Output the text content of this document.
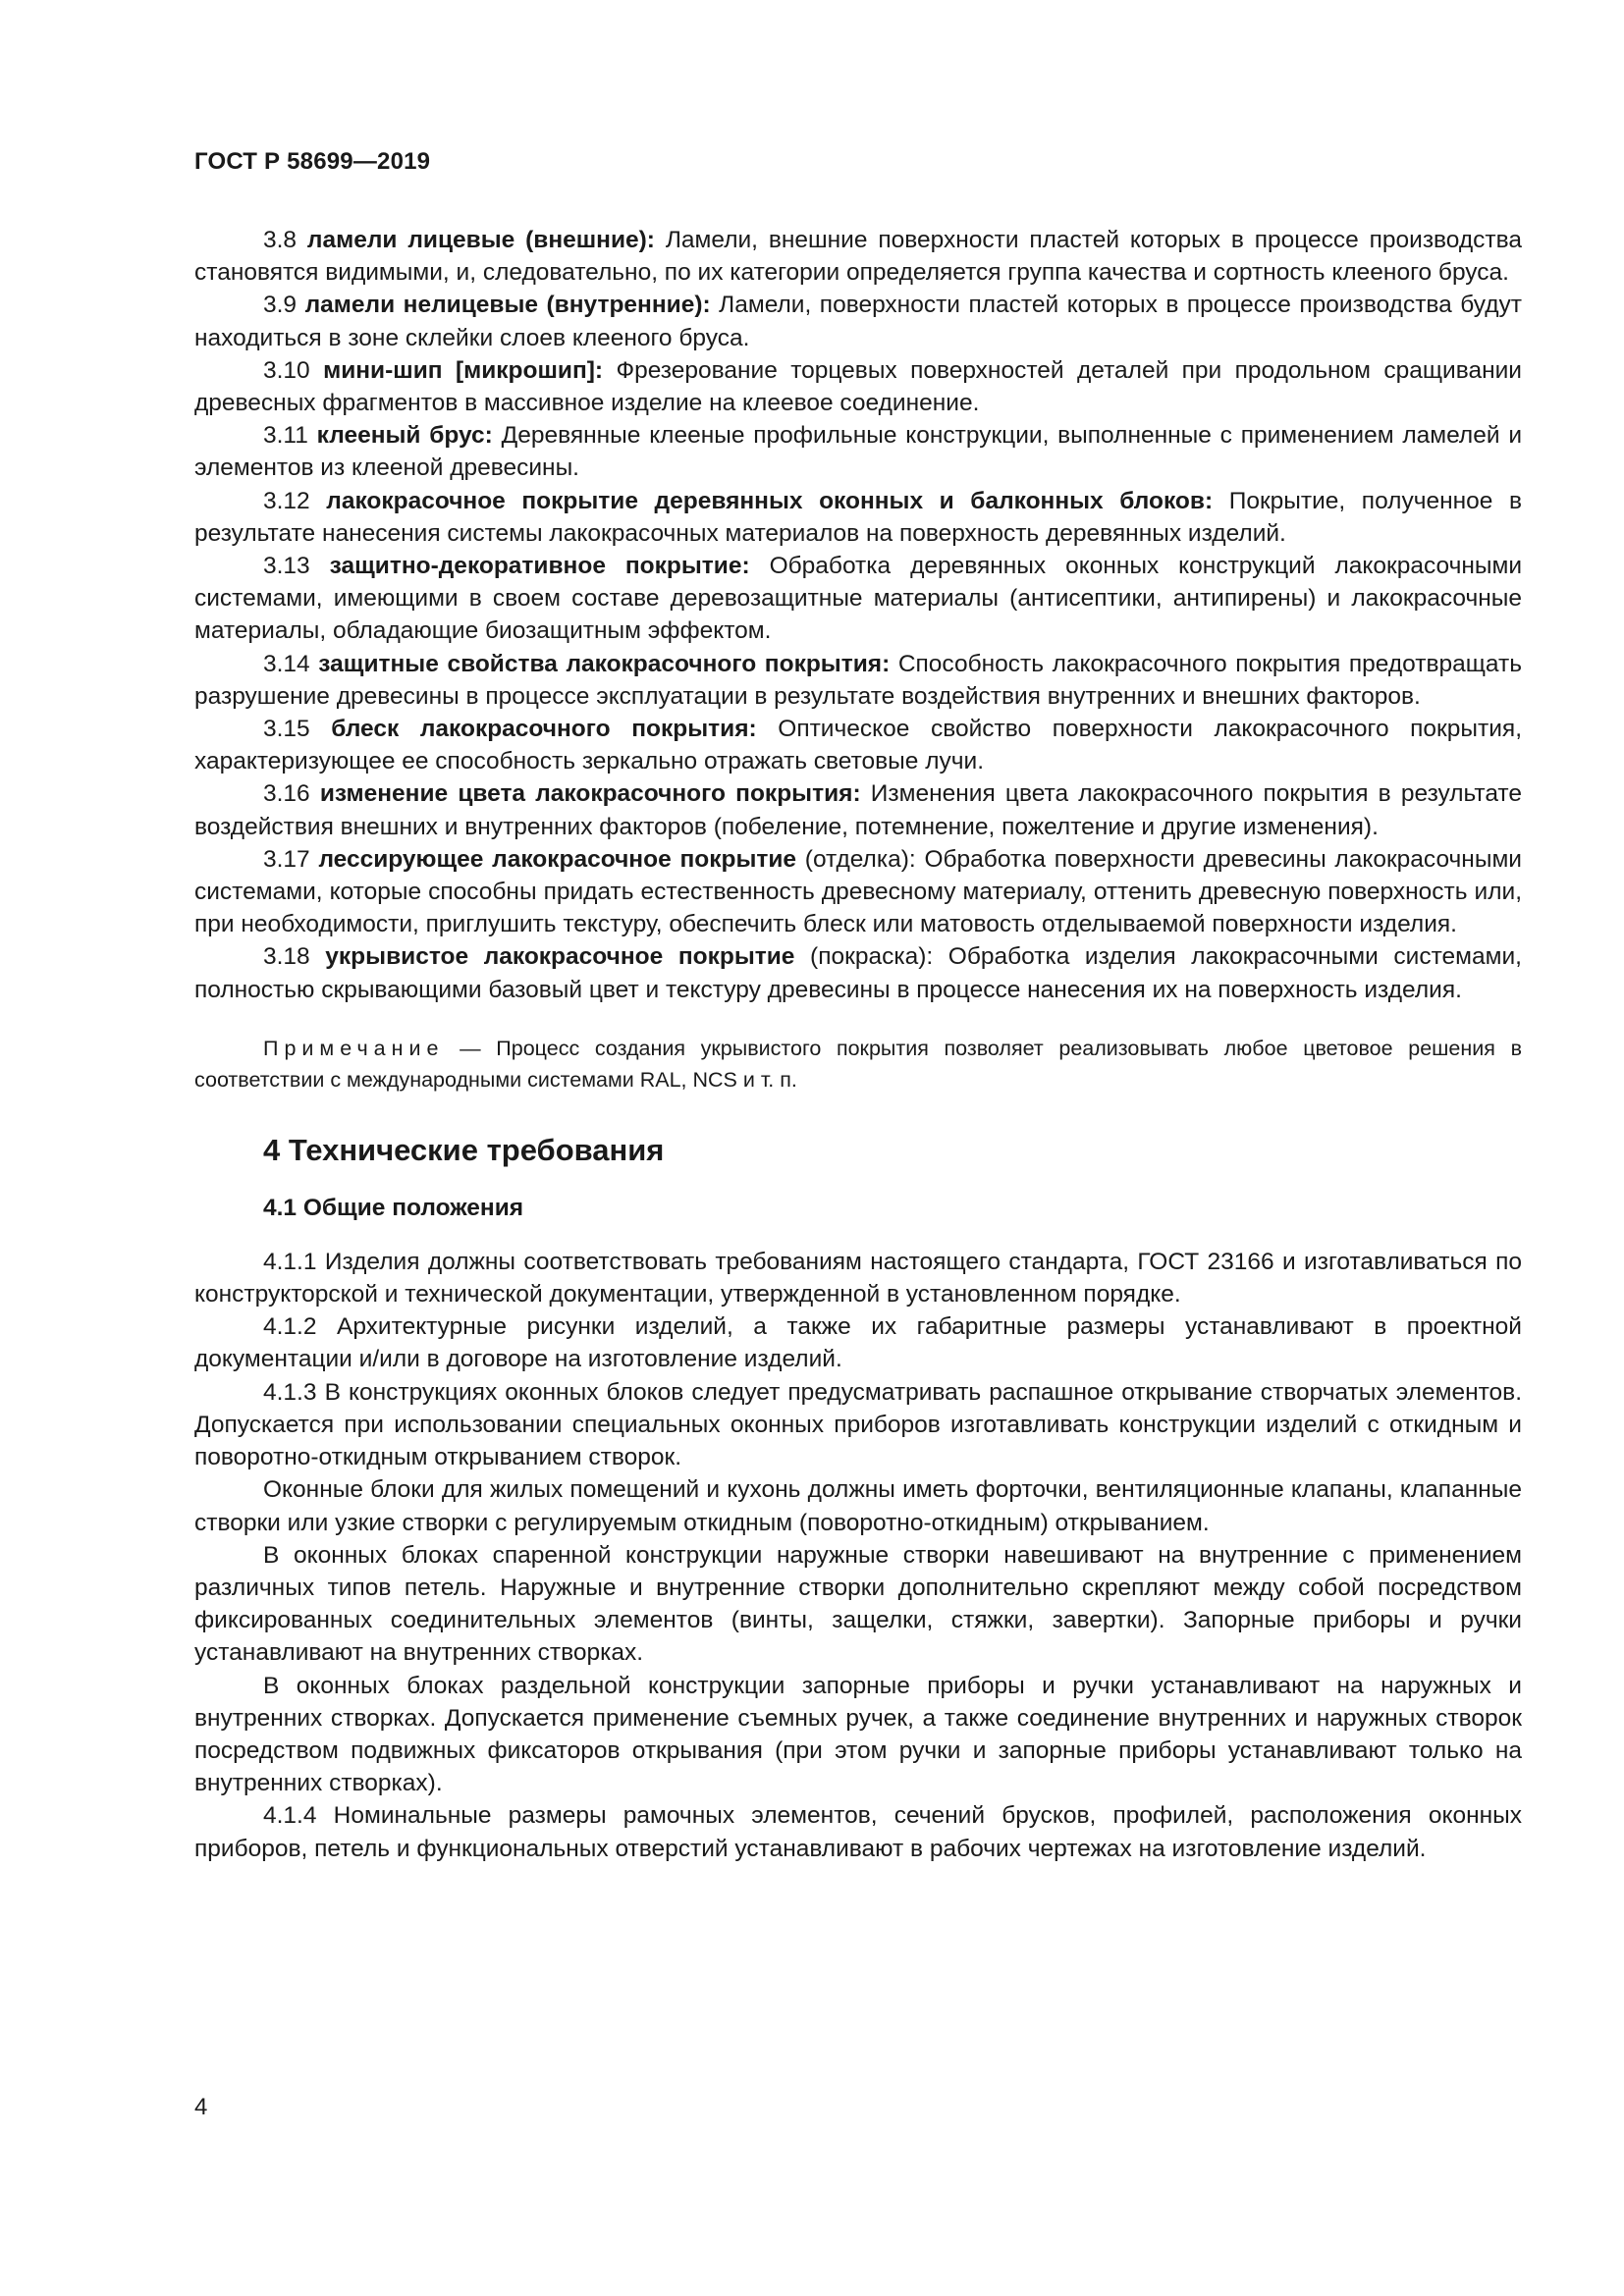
ГОСТ Р 58699—2019

3.8 ламели лицевые (внешние): Ламели, внешние поверхности пластей которых в процессе производства становятся видимыми, и, следовательно, по их категории определяется группа качества и сортность клееного бруса.

3.9 ламели нелицевые (внутренние): Ламели, поверхности пластей которых в процессе производства будут находиться в зоне склейки слоев клееного бруса.

3.10 мини-шип [микрошип]: Фрезерование торцевых поверхностей деталей при продольном сращивании древесных фрагментов в массивное изделие на клеевое соединение.

3.11 клееный брус: Деревянные клееные профильные конструкции, выполненные с применением ламелей и элементов из клееной древесины.

3.12 лакокрасочное покрытие деревянных оконных и балконных блоков: Покрытие, полученное в результате нанесения системы лакокрасочных материалов на поверхность деревянных изделий.

3.13 защитно-декоративное покрытие: Обработка деревянных оконных конструкций лакокрасочными системами, имеющими в своем составе деревозащитные материалы (антисептики, антипирены) и лакокрасочные материалы, обладающие биозащитным эффектом.

3.14 защитные свойства лакокрасочного покрытия: Способность лакокрасочного покрытия предотвращать разрушение древесины в процессе эксплуатации в результате воздействия внутренних и внешних факторов.

3.15 блеск лакокрасочного покрытия: Оптическое свойство поверхности лакокрасочного покрытия, характеризующее ее способность зеркально отражать световые лучи.

3.16 изменение цвета лакокрасочного покрытия: Изменения цвета лакокрасочного покрытия в результате воздействия внешних и внутренних факторов (побеление, потемнение, пожелтение и другие изменения).

3.17 лессирующее лакокрасочное покрытие (отделка): Обработка поверхности древесины лакокрасочными системами, которые способны придать естественность древесному материалу, оттенить древесную поверхность или, при необходимости, приглушить текстуру, обеспечить блеск или матовость отделываемой поверхности изделия.

3.18 укрывистое лакокрасочное покрытие (покраска): Обработка изделия лакокрасочными системами, полностью скрывающими базовый цвет и текстуру древесины в процессе нанесения их на поверхность изделия.

Примечание — Процесс создания укрывистого покрытия позволяет реализовывать любое цветовое решения в соответствии с международными системами RAL, NCS и т. п.

4 Технические требования
4.1 Общие положения

4.1.1 Изделия должны соответствовать требованиям настоящего стандарта, ГОСТ 23166 и изготавливаться по конструкторской и технической документации, утвержденной в установленном порядке.

4.1.2 Архитектурные рисунки изделий, а также их габаритные размеры устанавливают в проектной документации и/или в договоре на изготовление изделий.

4.1.3 В конструкциях оконных блоков следует предусматривать распашное открывание створчатых элементов. Допускается при использовании специальных оконных приборов изготавливать конструкции изделий с откидным и поворотно-откидным открыванием створок.

Оконные блоки для жилых помещений и кухонь должны иметь форточки, вентиляционные клапаны, клапанные створки или узкие створки с регулируемым откидным (поворотно-откидным) открыванием.

В оконных блоках спаренной конструкции наружные створки навешивают на внутренние с применением различных типов петель. Наружные и внутренние створки дополнительно скрепляют между собой посредством фиксированных соединительных элементов (винты, защелки, стяжки, завертки). Запорные приборы и ручки устанавливают на внутренних створках.

В оконных блоках раздельной конструкции запорные приборы и ручки устанавливают на наружных и внутренних створках. Допускается применение съемных ручек, а также соединение внутренних и наружных створок посредством подвижных фиксаторов открывания (при этом ручки и запорные приборы устанавливают только на внутренних створках).

4.1.4 Номинальные размеры рамочных элементов, сечений брусков, профилей, расположения оконных приборов, петель и функциональных отверстий устанавливают в рабочих чертежах на изготовление изделий.

4
